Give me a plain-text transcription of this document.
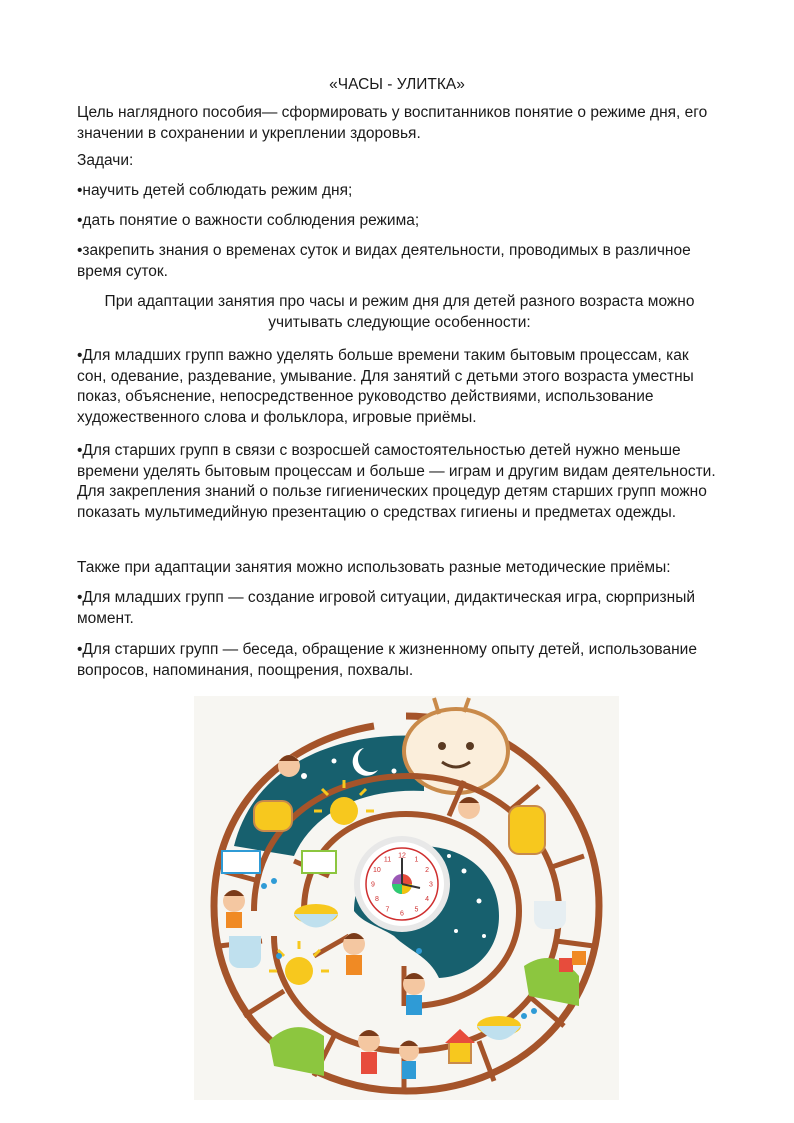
«ЧАСЫ - УЛИТКА»

Цель наглядного пособия— сформировать у воспитанников понятие о режиме дня, его значении в сохранении и укреплении здоровья.

Задачи:

•научить детей соблюдать режим дня;

•дать понятие о важности соблюдения режима;

•закрепить знания о временах суток и видах деятельности, проводимых в различное время суток.

При адаптации занятия про часы и режим дня для детей разного возраста можно учитывать следующие особенности:

•Для младших групп важно уделять больше времени таким бытовым процессам, как сон, одевание, раздевание, умывание. Для занятий с детьми этого возраста уместны показ, объяснение, непосредственное руководство действиями, использование художественного слова и фольклора, игровые приёмы.

•Для старших групп в связи с возросшей самостоятельностью детей нужно меньше времени уделять бытовым процессам и больше — играм и другим видам деятельности. Для закрепления знаний о пользе гигиенических процедур детям старших групп можно показать мультимедийную презентацию о средствах гигиены и предметах одежды.

Также при адаптации занятия можно использовать разные методические приёмы:

•Для младших групп — создание игровой ситуации, дидактическая игра, сюрпризный момент.

•Для старших групп — беседа, обращение к жизненному опыту детей, использование вопросов, напоминания, поощрения, похвалы.

12
1
2
3
4
5
6
7
8
9
10
11
